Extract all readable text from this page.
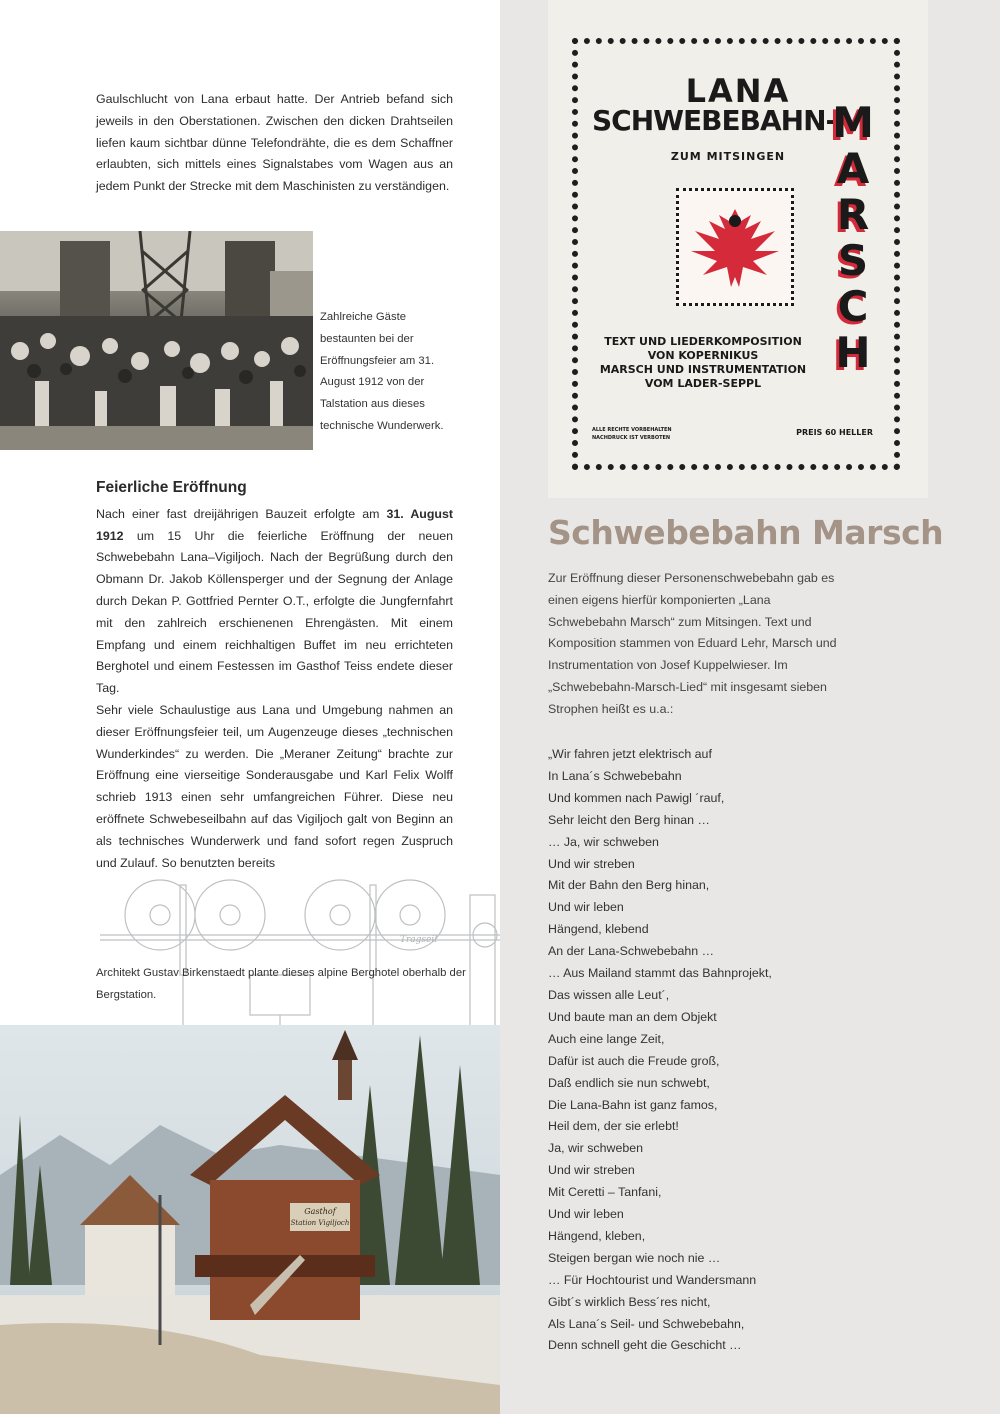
Gaulschlucht von Lana erbaut hatte. Der Antrieb befand sich jeweils in den Oberstationen. Zwischen den dicken Drahtseilen liefen kaum sichtbar dünne Telefondrähte, die es dem Schaffner erlaubten, sich mittels eines Signalstabes vom Wagen aus an jedem Punkt der Strecke mit dem Maschinisten zu verständigen.

Zahlreiche Gäste bestaunten bei der Eröffnungsfeier am 31. August 1912 von der Talstation aus dieses technische Wunderwerk.
Feierliche Eröffnung

Nach einer fast dreijährigen Bauzeit erfolgte am 31. August 1912 um 15 Uhr die feierliche Eröffnung der neuen Schwebebahn Lana–Vigiljoch. Nach der Begrüßung durch den Obmann Dr. Jakob Köllensperger und der Segnung der Anlage durch Dekan P. Gottfried Pernter O.T., erfolgte die Jungfernfahrt mit den zahlreich erschienenen Ehrengästen. Mit einem Empfang und einem reichhaltigen Buffet im neu errichteten Berghotel und einem Festessen im Gasthof Teiss endete dieser Tag.

Sehr viele Schaulustige aus Lana und Umgebung nahmen an dieser Eröffnungsfeier teil, um Augenzeuge dieses „technischen Wunderkindes“ zu werden. Die „Meraner Zeitung“ brachte zur Eröffnung eine vierseitige Sonderausgabe und Karl Felix Wolff schrieb 1913 einen sehr umfangreichen Führer. Diese neu eröffnete Schwebeseilbahn auf das Vigiljoch galt von Beginn an als technisches Wunderwerk und fand sofort regen Zuspruch und Zulauf. So benutzten bereits

Tragseil
Architekt Gustav Birkenstaedt plante dieses alpine Berghotel oberhalb der Bergstation.
Gasthof
Station Vigiljoch
LANA
SCHWEBEBAHN-
ZUM MITSINGEN
M
A
R
S
C
H
TEXT UND LIEDERKOMPOSITION
VON KOPERNIKUS
MARSCH UND INSTRUMENTATION
VOM LADER-SEPPL
ALLE RECHTE VORBEHALTEN
NACHDRUCK IST VERBOTEN
PREIS 60 HELLER
Schwebebahn Marsch
Zur Eröffnung dieser Personenschwebebahn gab es einen eigens hierfür komponierten „Lana Schwebebahn Marsch“ zum Mitsingen. Text und Komposition stammen von Eduard Lehr, Marsch und Instrumentation von Josef Kuppelwieser. Im „Schwebebahn-Marsch-Lied“ mit insgesamt sieben Strophen heißt es u.a.:
„Wir fahren jetzt elektrisch auf
In Lana´s Schwebebahn
Und kommen nach Pawigl ´rauf,
Sehr leicht den Berg hinan …
… Ja, wir schweben
Und wir streben
Mit der Bahn den Berg hinan,
Und wir leben
Hängend, klebend
An der Lana-Schwebebahn …
… Aus Mailand stammt das Bahnprojekt,
Das wissen alle Leut´,
Und baute man an dem Objekt
Auch eine lange Zeit,
Dafür ist auch die Freude groß,
Daß endlich sie nun schwebt,
Die Lana-Bahn ist ganz famos,
Heil dem, der sie erlebt!
Ja, wir schweben
Und wir streben
Mit Ceretti – Tanfani,
Und wir leben
Hängend, kleben,
Steigen bergan wie noch nie …
… Für Hochtourist und Wandersmann
Gibt´s wirklich Bess´res nicht,
Als Lana´s Seil- und Schwebebahn,
Denn schnell geht die Geschicht …
